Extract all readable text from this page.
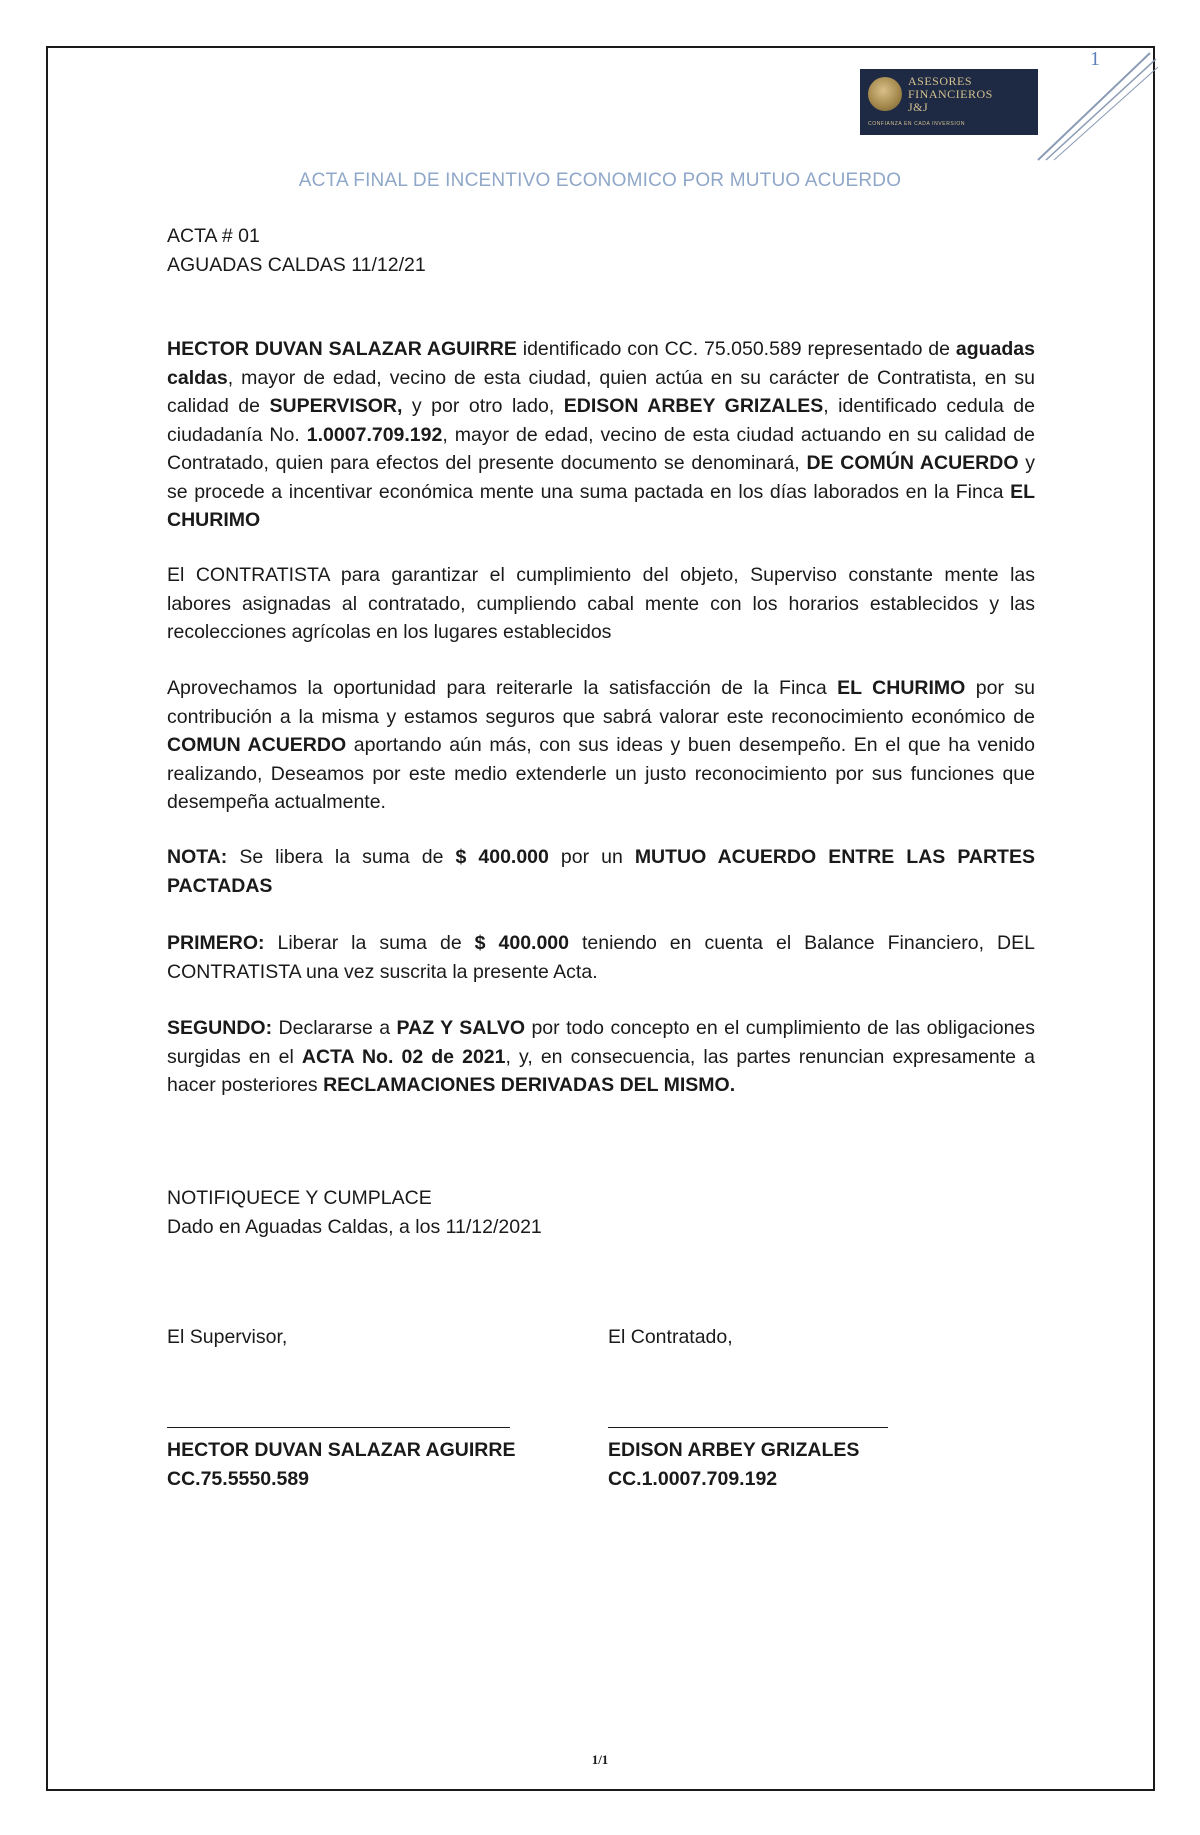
1
ASESORES
FINANCIEROS
J&J
CONFIANZA EN CADA INVERSION
ACTA FINAL DE INCENTIVO ECONOMICO POR MUTUO ACUERDO
ACTA # 01
AGUADAS CALDAS 11/12/21
HECTOR DUVAN SALAZAR AGUIRRE identificado con CC. 75.050.589 representado de aguadas caldas, mayor de edad, vecino de esta ciudad, quien actúa en su carácter de Contratista, en su calidad de SUPERVISOR, y por otro lado, EDISON ARBEY GRIZALES, identificado cedula de ciudadanía No. 1.0007.709.192, mayor de edad, vecino de esta ciudad actuando en su calidad de Contratado, quien para efectos del presente documento se denominará, DE COMÚN ACUERDO y se procede a incentivar económica mente una suma pactada en los días laborados en la Finca EL CHURIMO
El CONTRATISTA para garantizar el cumplimiento del objeto, Superviso constante mente las labores asignadas al contratado, cumpliendo cabal mente con los horarios establecidos y las recolecciones agrícolas en los lugares establecidos
Aprovechamos la oportunidad para reiterarle la satisfacción de la Finca EL CHURIMO por su contribución a la misma y estamos seguros que sabrá valorar este reconocimiento económico de COMUN ACUERDO aportando aún más, con sus ideas y buen desempeño. En el que ha venido realizando, Deseamos por este medio extenderle un justo reconocimiento por sus funciones que desempeña actualmente.
NOTA: Se libera la suma de $ 400.000 por un MUTUO ACUERDO ENTRE LAS PARTES PACTADAS
PRIMERO: Liberar la suma de $ 400.000 teniendo en cuenta el Balance Financiero, DEL CONTRATISTA una vez suscrita la presente Acta.
SEGUNDO: Declararse a PAZ Y SALVO por todo concepto en el cumplimiento de las obligaciones surgidas en el ACTA No. 02 de 2021, y, en consecuencia, las partes renuncian expresamente a hacer posteriores RECLAMACIONES DERIVADAS DEL MISMO.
NOTIFIQUECE Y CUMPLACE
Dado en Aguadas Caldas, a los 11/12/2021
El Supervisor,	El Contratado,
HECTOR DUVAN SALAZAR AGUIRRE
CC.75.5550.589
EDISON ARBEY GRIZALES
CC.1.0007.709.192
1/1
